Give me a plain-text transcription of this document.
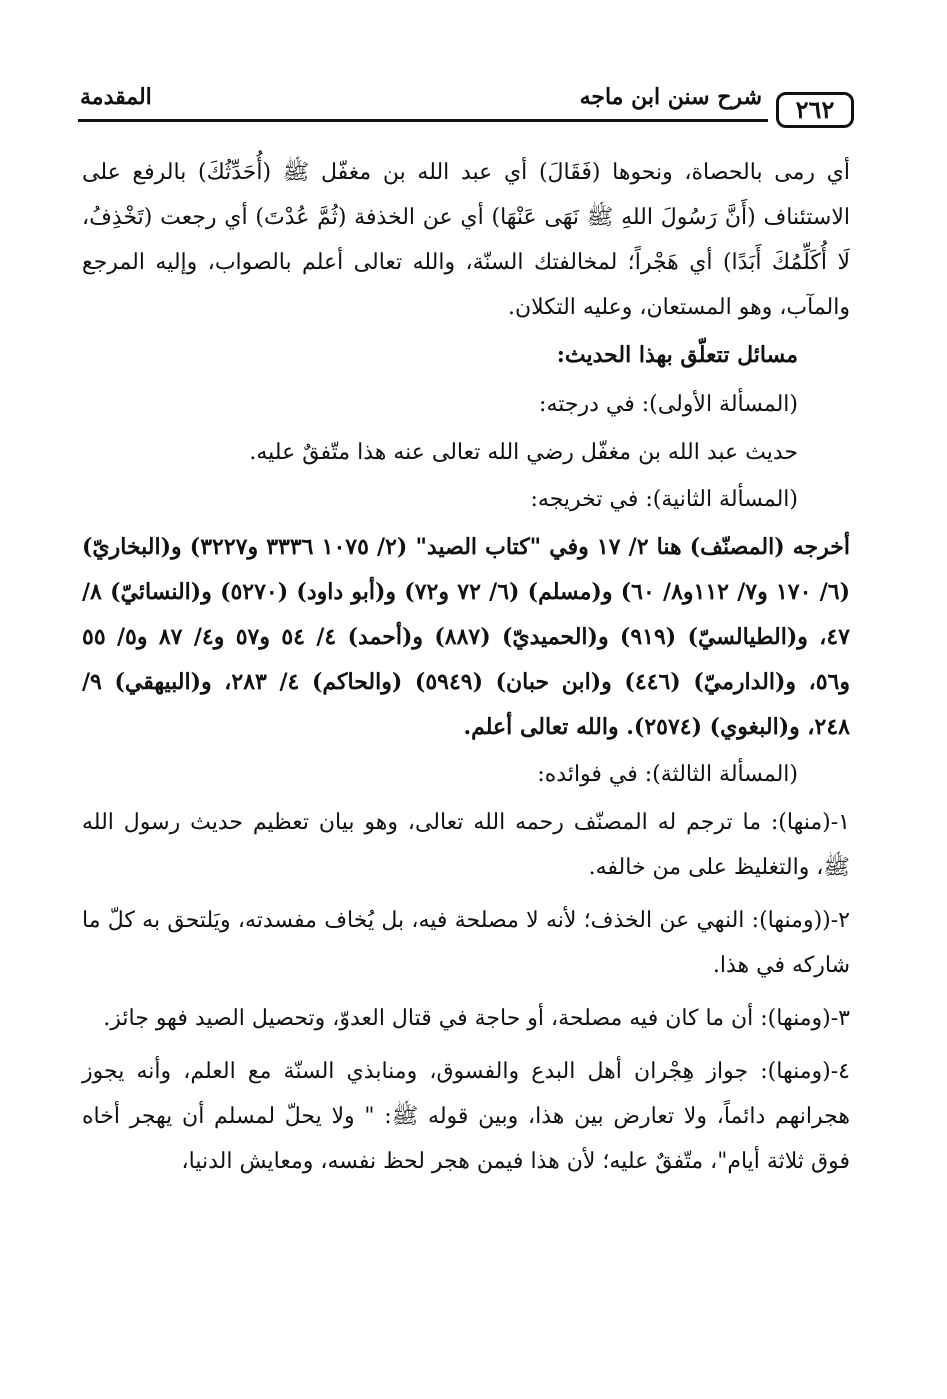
٢٦٢
شرح سنن ابن ماجه
المقدمة

أي رمى بالحصاة، ونحوها (فَقَالَ) أي عبد الله بن مغفّل ﷺ (أُحَدِّثُكَ) بالرفع على الاستئناف (أَنَّ رَسُولَ اللهِ ﷺ نَهَى عَنْهَا) أي عن الخذفة (ثُمَّ عُدْتَ) أي رجعت (تَخْذِفُ، لَا أُكَلِّمُكَ أَبَدًا) أي هَجْراً؛ لمخالفتك السنّة، والله تعالى أعلم بالصواب، وإليه المرجع والمآب، وهو المستعان، وعليه التكلان.

مسائل تتعلّق بهذا الحديث:

(المسألة الأولى): في درجته:

حديث عبد الله بن مغفّل رضي الله تعالى عنه هذا متّفقٌ عليه.

(المسألة الثانية): في تخريجه:

أخرجه (المصنّف) هنا ٢/ ١٧ وفي "كتاب الصيد" (٢/ ١٠٧٥ ٣٣٣٦ و٣٢٢٧) و(البخاريّ) (٦/ ١٧٠ و٧/ ١١٢و٨/ ٦٠) و(مسلم) (٦/ ٧٢ و٧٢) و(أبو داود) (٥٢٧٠) و(النسائيّ) ٨/ ٤٧، و(الطيالسيّ) (٩١٩) و(الحميديّ) (٨٨٧) و(أحمد) ٤/ ٥٤ و٥٧ و٤/ ٨٧ و٥/ ٥٥ و٥٦، و(الدارميّ) (٤٤٦) و(ابن حبان) (٥٩٤٩) (والحاكم) ٤/ ٢٨٣، و(البيهقي) ٩/ ٢٤٨، و(البغوي) (٢٥٧٤). والله تعالى أعلم.

(المسألة الثالثة): في فوائده:

١-(منها): ما ترجم له المصنّف رحمه الله تعالى، وهو بيان تعظيم حديث رسول الله ﷺ، والتغليظ على من خالفه.

٢-((ومنها): النهي عن الخذف؛ لأنه لا مصلحة فيه، بل يُخاف مفسدته، ويَلتحق به كلّ ما شاركه في هذا.

٣-(ومنها): أن ما كان فيه مصلحة، أو حاجة في قتال العدوّ، وتحصيل الصيد فهو جائز.

٤-(ومنها): جواز هِجْران أهل البدع والفسوق، ومنابذي السنّة مع العلم، وأنه يجوز هجرانهم دائماً، ولا تعارض بين هذا، وبين قوله ﷺ: " ولا يحلّ لمسلم أن يهجر أخاه فوق ثلاثة أيام"، متّفقٌ عليه؛ لأن هذا فيمن هجر لحظ نفسه، ومعايش الدنيا،
